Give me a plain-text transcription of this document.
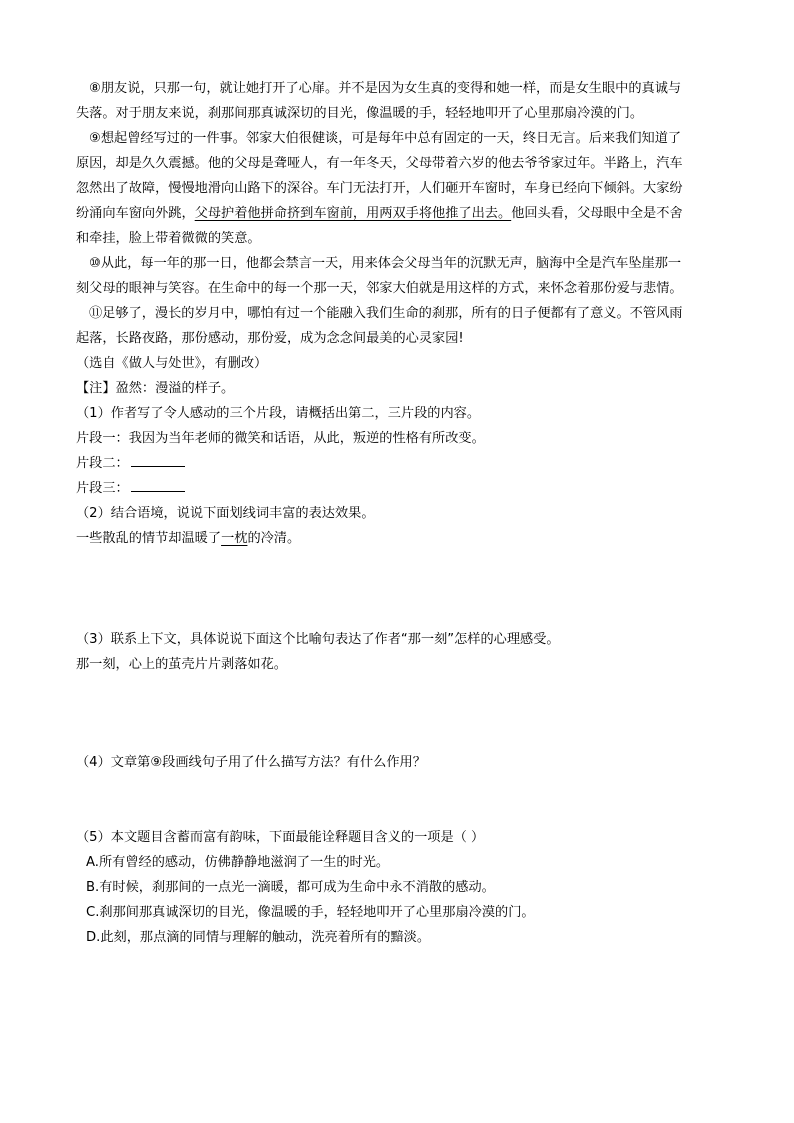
⑧朋友说，只那一句，就让她打开了心扉。并不是因为女生真的变得和她一样，而是女生眼中的真诚与
失落。对于朋友来说，刹那间那真诚深切的目光，像温暖的手，轻轻地叩开了心里那扇冷漠的门。
⑨想起曾经写过的一件事。邻家大伯很健谈，可是每年中总有固定的一天，终日无言。后来我们知道了
原因，却是久久震撼。他的父母是聋哑人，有一年冬天，父母带着六岁的他去爷爷家过年。半路上，汽车
忽然出了故障，慢慢地滑向山路下的深谷。车门无法打开，人们砸开车窗时，车身已经向下倾斜。大家纷
纷涌向车窗向外跳，父母护着他拼命挤到车窗前，用两双手将他推了出去。他回头看，父母眼中全是不舍
和牵挂，脸上带着微微的笑意。
⑩从此，每一年的那一日，他都会禁言一天，用来体会父母当年的沉默无声，脑海中全是汽车坠崖那一
刻父母的眼神与笑容。在生命中的每一个那一天，邻家大伯就是用这样的方式，来怀念着那份爱与悲情。
⑪足够了，漫长的岁月中，哪怕有过一个能融入我们生命的刹那，所有的日子便都有了意义。不管风雨
起落，长路夜路，那份感动，那份爱，成为念念间最美的心灵家园!
（选自《做人与处世》，有删改）
【注】盈然：漫溢的样子。
（1）作者写了令人感动的三个片段，请概括出第二，三片段的内容。
片段一：我因为当年老师的微笑和话语，从此，叛逆的性格有所改变。
片段二：
片段三：
（2）结合语境，说说下面划线词丰富的表达效果。
一些散乱的情节却温暖了一枕的冷清。
（3）联系上下文，具体说说下面这个比喻句表达了作者“那一刻”怎样的心理感受。
那一刻，心上的茧壳片片剥落如花。
（4）文章第⑨段画线句子用了什么描写方法？有什么作用？
（5）本文题目含蓄而富有韵味，下面最能诠释题目含义的一项是（ ）
A.所有曾经的感动，仿佛静静地滋润了一生的时光。
B.有时候，刹那间的一点光一滴暖，都可成为生命中永不消散的感动。
C.刹那间那真诚深切的目光，像温暖的手，轻轻地叩开了心里那扇冷漠的门。
D.此刻，那点滴的同情与理解的触动，洗亮着所有的黯淡。
